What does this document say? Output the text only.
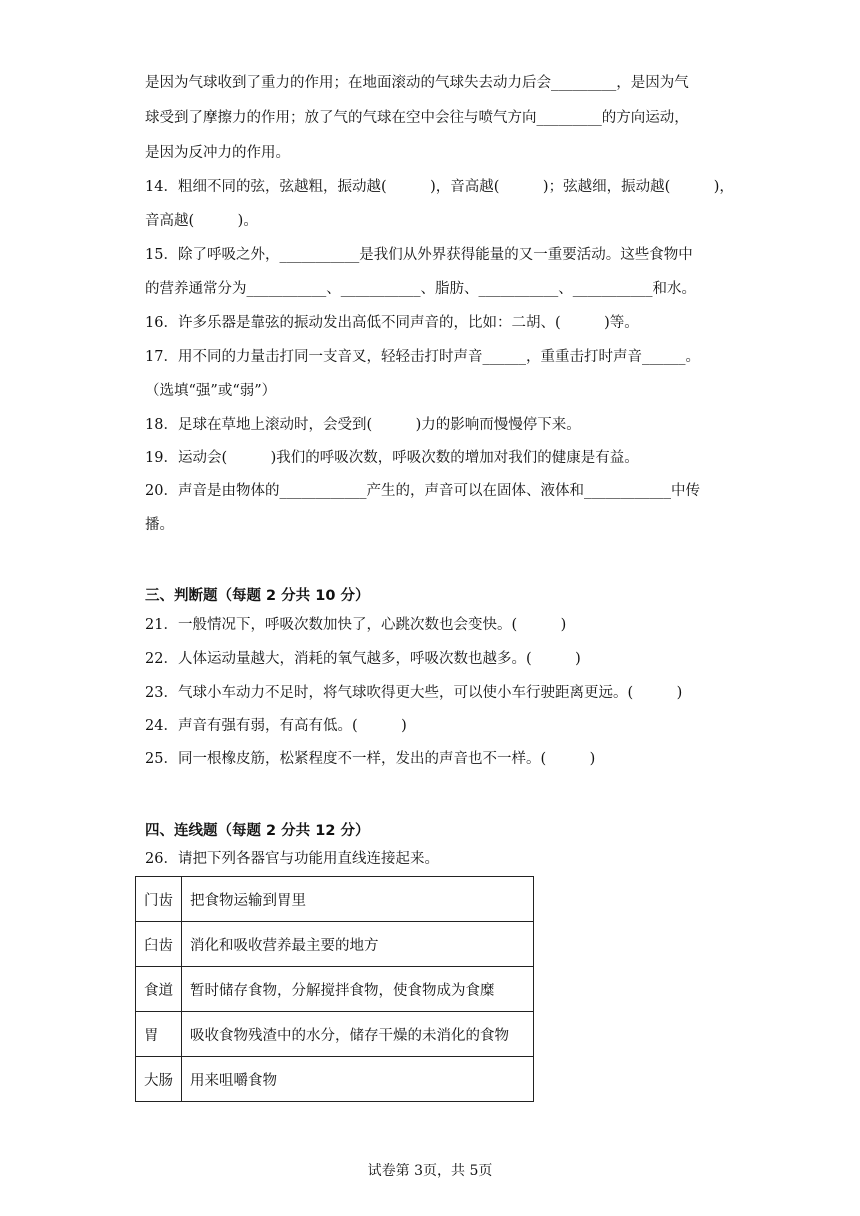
是因为气球收到了重力的作用；在地面滚动的气球失去动力后会_________，是因为气
球受到了摩擦力的作用；放了气的气球在空中会往与喷气方向_________的方向运动，
是因为反冲力的作用。
14．粗细不同的弦，弦越粗，振动越(　　　)，音高越(　　　)；弦越细，振动越(　　　)，
音高越(　　　)。
15．除了呼吸之外，___________是我们从外界获得能量的又一重要活动。这些食物中
的营养通常分为___________、___________、脂肪、___________、___________和水。
16．许多乐器是靠弦的振动发出高低不同声音的，比如：二胡、(　　　)等。
17．用不同的力量击打同一支音叉，轻轻击打时声音______，重重击打时声音______。
（选填“强”或“弱”）
18．足球在草地上滚动时，会受到(　　　)力的影响而慢慢停下来。
19．运动会(　　　)我们的呼吸次数，呼吸次数的增加对我们的健康是有益。
20．声音是由物体的____________产生的，声音可以在固体、液体和____________中传
播。
三、判断题（每题 2 分共 10 分）
21．一般情况下，呼吸次数加快了，心跳次数也会变快。(　　　)
22．人体运动量越大，消耗的氧气越多，呼吸次数也越多。(　　　)
23．气球小车动力不足时，将气球吹得更大些，可以使小车行驶距离更远。(　　　)
24．声音有强有弱，有高有低。(　　　)
25．同一根橡皮筋，松紧程度不一样，发出的声音也不一样。(　　　)
四、连线题（每题 2 分共 12 分）
26．请把下列各器官与功能用直线连接起来。
门齿	把食物运输到胃里
臼齿	消化和吸收营养最主要的地方
食道	暂时储存食物，分解搅拌食物，使食物成为食糜
胃	吸收食物残渣中的水分，储存干燥的未消化的食物
大肠	用来咀嚼食物
试卷第 3页，共 5页
